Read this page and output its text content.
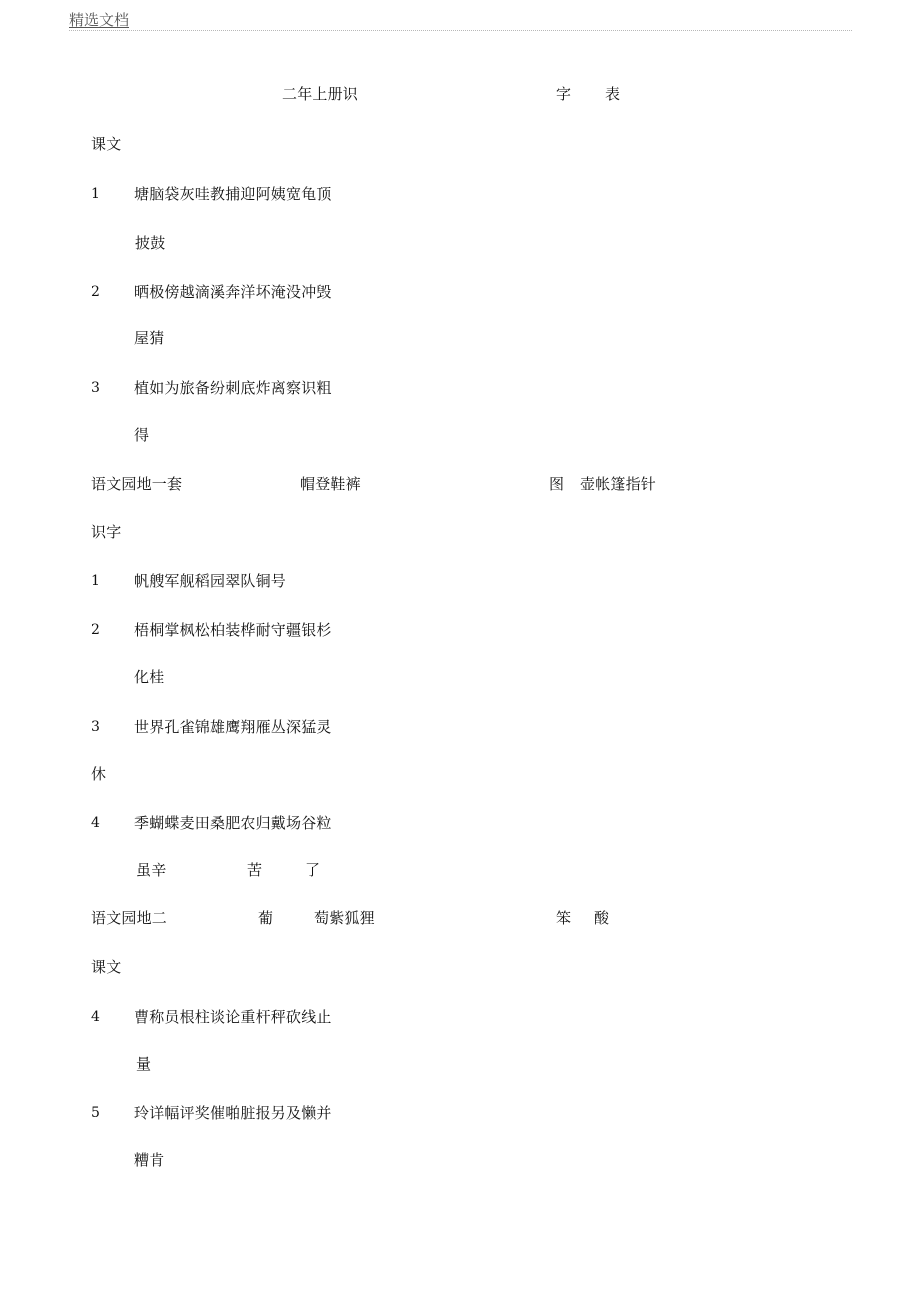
精选文档
二年上册识	字 表
课文
1 塘脑袋灰哇教捕迎阿姨宽龟顶
披鼓
2 晒极傍越滴溪奔洋坏淹没冲毁
屋猜
3 植如为旅备纷刺底炸离察识粗
得
语文园地一套	帽登鞋裤	图 壶帐篷指针
识字
1 帆艘军舰稻园翠队铜号
2 梧桐掌枫松柏装桦耐守疆银杉
化桂
3 世界孔雀锦雄鹰翔雁丛深猛灵
休
4 季蝴蝶麦田桑肥农归戴场谷粒
虽辛	苦	了
语文园地二	葡	萄紫狐狸	笨 酸
课文
4 曹称员根柱谈论重杆秤砍线止
量
5 玲详幅评奖催啪脏报另及懒并
糟肯
